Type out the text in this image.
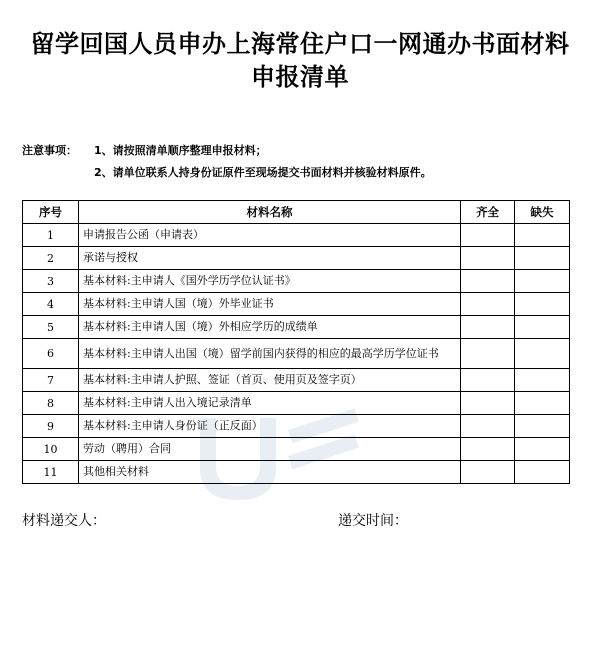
留学回国人员申办上海常住户口一网通办书面材料申报清单
注意事项： 1、请按照清单顺序整理申报材料；
2、请单位联系人持身份证原件至现场提交书面材料并核验材料原件。
序号	材料名称	齐全	缺失
1	申请报告公函（申请表）		
2	承诺与授权		
3	基本材料:主申请人《国外学历学位认证书》		
4	基本材料:主申请人国（境）外毕业证书		
5	基本材料:主申请人国（境）外相应学历的成绩单		
6	基本材料:主申请人出国（境）留学前国内获得的相应的最高学历学位证书		
7	基本材料:主申请人护照、签证（首页、使用页及签字页）		
8	基本材料:主申请人出入境记录清单		
9	基本材料:主申请人身份证（正反面）		
10	劳动（聘用）合同		
11	其他相关材料		
材料递交人：	递交时间：
